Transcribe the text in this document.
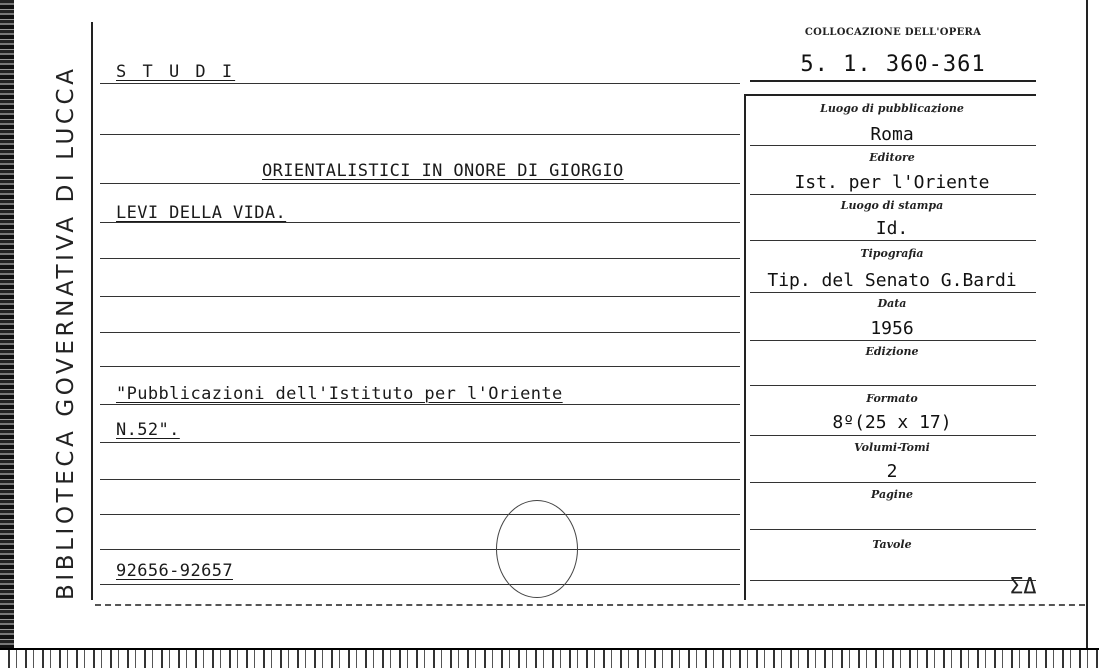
BIBLIOTECA GOVERNATIVA DI LUCCA	S T U D I
ORIENTALISTICI IN ONORE DI GIORGIO
LEVI DELLA VIDA.
"Pubblicazioni dell'Istituto per l'Oriente
N.52".
92656-92657
COLLOCAZIONE DELL'OPERA
5. 1. 360-361
Luogo di pubblicazione
Roma
Editore
Ist. per l'Oriente
Luogo di stampa
Id.
Tipografia
Tip. del Senato G.Bardi
Data
1956
Edizione
Formato
8º(25 x 17)
Volumi-Tomi
2
Pagine
Tavole
ΣΔ
